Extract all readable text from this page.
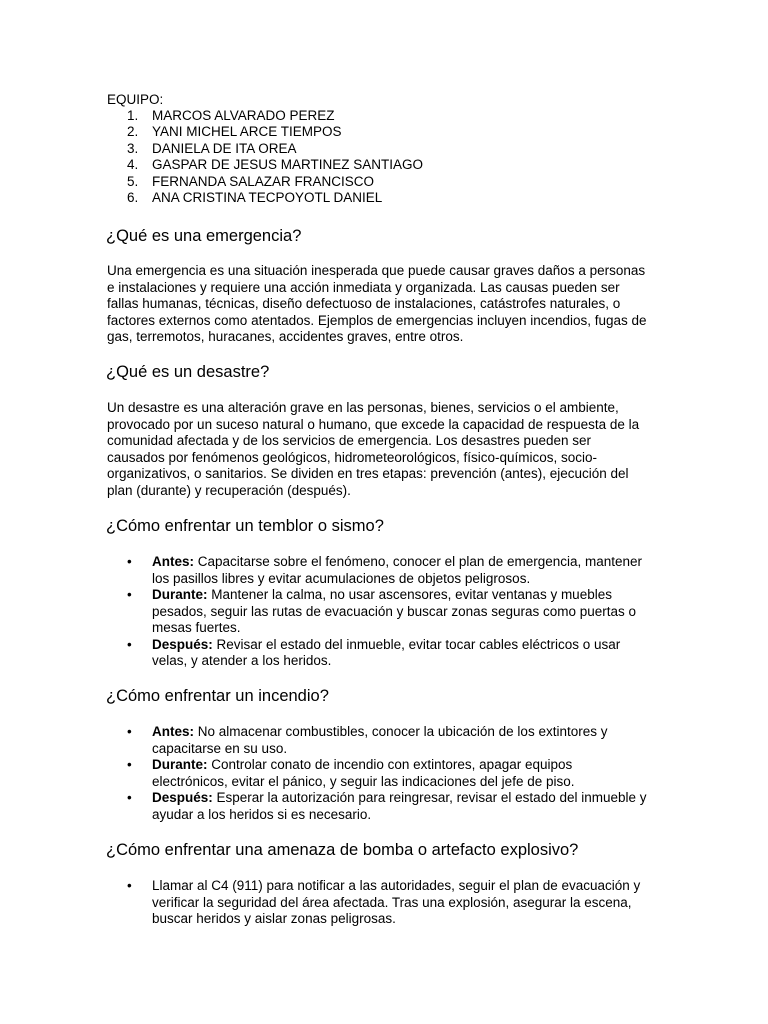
EQUIPO:
1. MARCOS ALVARADO PEREZ
2. YANI MICHEL ARCE TIEMPOS
3. DANIELA DE ITA OREA
4. GASPAR DE JESUS MARTINEZ SANTIAGO
5. FERNANDA SALAZAR FRANCISCO
6. ANA CRISTINA TECPOYOTL DANIEL
¿Qué es una emergencia?
Una emergencia es una situación inesperada que puede causar graves daños a personas
e instalaciones y requiere una acción inmediata y organizada. Las causas pueden ser
fallas humanas, técnicas, diseño defectuoso de instalaciones, catástrofes naturales, o
factores externos como atentados. Ejemplos de emergencias incluyen incendios, fugas de
gas, terremotos, huracanes, accidentes graves, entre otros.
¿Qué es un desastre?
Un desastre es una alteración grave en las personas, bienes, servicios o el ambiente,
provocado por un suceso natural o humano, que excede la capacidad de respuesta de la
comunidad afectada y de los servicios de emergencia. Los desastres pueden ser
causados por fenómenos geológicos, hidrometeorológicos, físico-químicos, socio-
organizativos, o sanitarios. Se dividen en tres etapas: prevención (antes), ejecución del
plan (durante) y recuperación (después).
¿Cómo enfrentar un temblor o sismo?
• Antes: Capacitarse sobre el fenómeno, conocer el plan de emergencia, mantener
los pasillos libres y evitar acumulaciones de objetos peligrosos.
• Durante: Mantener la calma, no usar ascensores, evitar ventanas y muebles
pesados, seguir las rutas de evacuación y buscar zonas seguras como puertas o
mesas fuertes.
• Después: Revisar el estado del inmueble, evitar tocar cables eléctricos o usar
velas, y atender a los heridos.
¿Cómo enfrentar un incendio?
• Antes: No almacenar combustibles, conocer la ubicación de los extintores y
capacitarse en su uso.
• Durante: Controlar conato de incendio con extintores, apagar equipos
electrónicos, evitar el pánico, y seguir las indicaciones del jefe de piso.
• Después: Esperar la autorización para reingresar, revisar el estado del inmueble y
ayudar a los heridos si es necesario.
¿Cómo enfrentar una amenaza de bomba o artefacto explosivo?
• Llamar al C4 (911) para notificar a las autoridades, seguir el plan de evacuación y
verificar la seguridad del área afectada. Tras una explosión, asegurar la escena,
buscar heridos y aislar zonas peligrosas.
